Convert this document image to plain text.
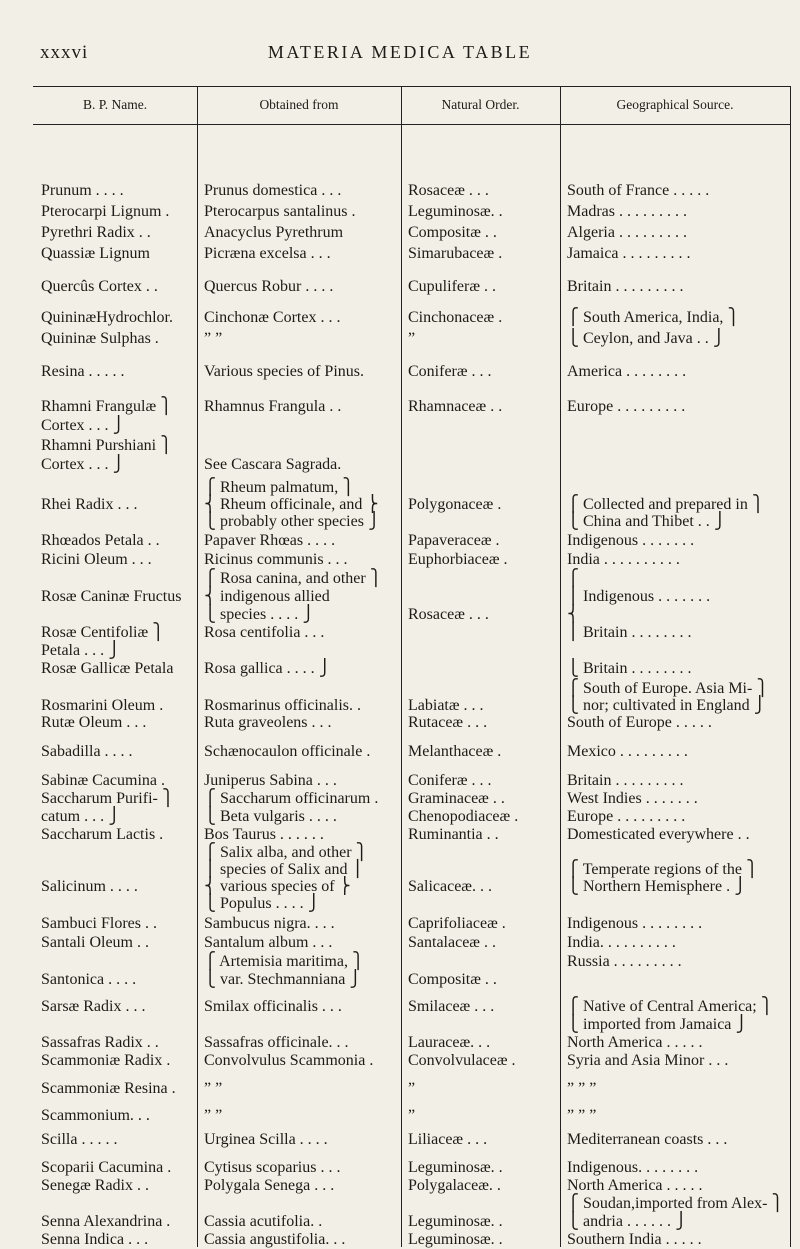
xxxvi	MATERIA MEDICA TABLE
B. P. Name.	Obtained from	Natural Order.	Geographical Source.
Prunum . . . .	Prunus domestica . . .	Rosaceæ . . .	South of France . . . . .
Pterocarpi Lignum .	Pterocarpus santalinus .	Leguminosæ. .	Madras . . . . . . . . .
Pyrethri Radix . .	Anacyclus Pyrethrum	Compositæ . .	Algeria . . . . . . . . .
Quassiæ Lignum	Picræna excelsa . . .	Simarubaceæ .	Jamaica . . . . . . . . .
Quercûs Cortex . .	Quercus Robur . . . .	Cupuliferæ . .	Britain . . . . . . . . .
QuininæHydrochlor.	Cinchonæ Cortex . . .	Cinchonaceæ .	⎧ South America, India, ⎫
Quininæ Sulphas .	” ”	”	⎩ Ceylon, and Java . . ⎭
Resina . . . . .	Various species of Pinus.	Coniferæ . . .	America . . . . . . . .
Rhamni Frangulæ ⎫	Rhamnus Frangula . .	Rhamnaceæ . .	Europe . . . . . . . . .
Cortex . . . ⎭
Rhamni Purshiani ⎫
Cortex . . . ⎭	See Cascara Sagrada.
⎧ Rheum palmatum, ⎫
Rhei Radix . . .	⎨ Rheum officinale, and ⎬	Polygonaceæ .	⎧ Collected and prepared in ⎫
⎩ probably other species ⎭	⎩ China and Thibet . . ⎭
Rhœados Petala . .	Papaver Rhœas . . . .	Papaveraceæ .	Indigenous . . . . . . .
Ricini Oleum . . .	Ricinus communis . . .	Euphorbiaceæ .	India . . . . . . . . . .
⎧ Rosa canina, and other ⎫	⎧
Rosæ Caninæ Fructus	⎨ indigenous allied	⎪ Indigenous . . . . . . .
⎩ species . . . . ⎭	Rosaceæ . . .	⎨
Rosæ Centifoliæ ⎫	Rosa centifolia . . .	⎪ Britain . . . . . . . .
Petala . . . ⎭
Rosæ Gallicæ Petala	Rosa gallica . . . . ⎭	⎩ Britain . . . . . . . .
⎧ South of Europe. Asia Mi- ⎫
Rosmarini Oleum .	Rosmarinus officinalis. .	Labiatæ . . .	⎩ nor; cultivated in England ⎭
Rutæ Oleum . . .	Ruta graveolens . . .	Rutaceæ . . .	South of Europe . . . . .
Sabadilla . . . .	Schænocaulon officinale .	Melanthaceæ .	Mexico . . . . . . . . .
Sabinæ Cacumina .	Juniperus Sabina . . .	Coniferæ . . .	Britain . . . . . . . . .
Saccharum Purifi- ⎫	⎧ Saccharum officinarum .	Graminaceæ . .	West Indies . . . . . . .
catum . . . ⎭	⎩ Beta vulgaris . . . .	Chenopodiaceæ .	Europe . . . . . . . . .
Saccharum Lactis .	Bos Taurus . . . . . .	Ruminantia . .	Domesticated everywhere . .
⎧ Salix alba, and other ⎫
⎪ species of Salix and ⎪	⎧ Temperate regions of the ⎫
Salicinum . . . .	⎨ various species of ⎬	Salicaceæ. . .	⎩ Northern Hemisphere . ⎭
⎩ Populus . . . . ⎭
Sambuci Flores . .	Sambucus nigra. . . .	Caprifoliaceæ .	Indigenous . . . . . . . .
Santali Oleum . .	Santalum album . . .	Santalaceæ . .	India. . . . . . . . . .
⎧ Artemisia maritima, ⎫	Russia . . . . . . . . .
Santonica . . . .	⎩ var. Stechmanniana ⎭	Compositæ . .
Sarsæ Radix . . .	Smilax officinalis . . .	Smilaceæ . . .	⎧ Native of Central America; ⎫
⎩ imported from Jamaica ⎭
Sassafras Radix . .	Sassafras officinale. . .	Lauraceæ. . .	North America . . . . .
Scammoniæ Radix .	Convolvulus Scammonia .	Convolvulaceæ .	Syria and Asia Minor . . .
Scammoniæ Resina .	” ”	”	” ” ”
Scammonium. . .	” ”	”	” ” ”
Scilla . . . . .	Urginea Scilla . . . .	Liliaceæ . . .	Mediterranean coasts . . .
Scoparii Cacumina .	Cytisus scoparius . . .	Leguminosæ. .	Indigenous. . . . . . . .
Senegæ Radix . .	Polygala Senega . . .	Polygalaceæ. .	North America . . . . .
⎧ Soudan,imported from Alex- ⎫
Senna Alexandrina .	Cassia acutifolia. .	Leguminosæ. .	⎩ andria . . . . . . ⎭
Senna Indica . . .	Cassia angustifolia. . .	Leguminosæ. .	Southern India . . . . .
